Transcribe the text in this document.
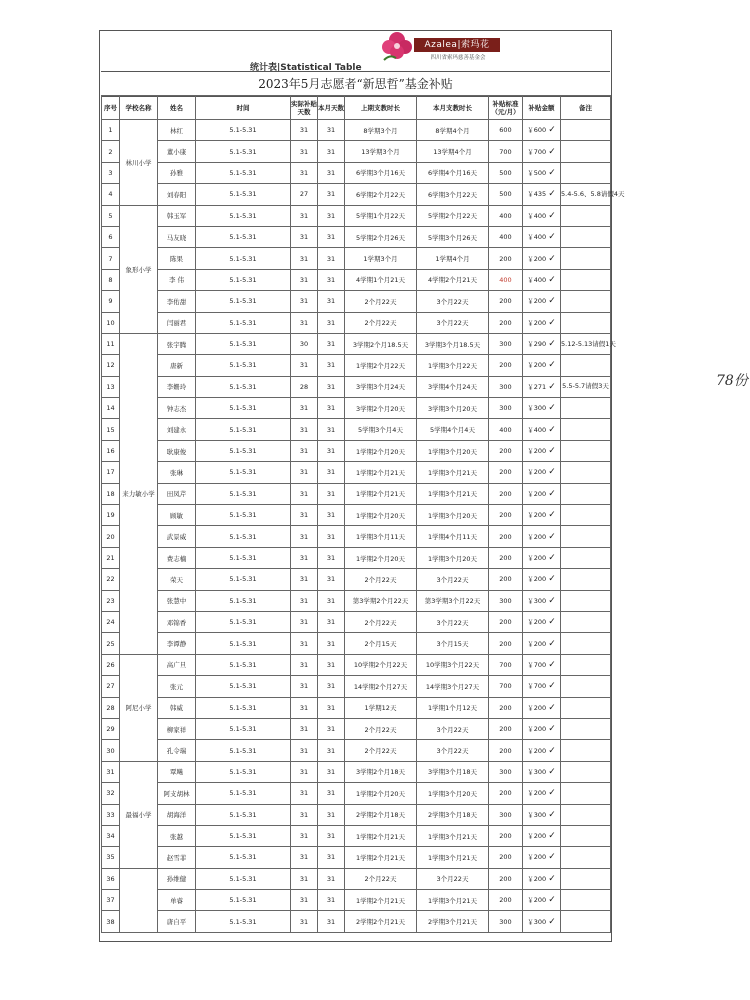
Azalea|索玛花
四川省索玛慈善基金会
统计表|Statistical Table
2023年5月志愿者“新思哲”基金补贴
序号	学校名称	姓名	时间	实际补贴天数	本月天数	上期支教时长	本月支教时长	补贴标准（元/月）	补贴金额	备注
1	林川小学	林红	5.1-5.31	31	31	8学期3个月	8学期4个月	600	￥600 ✓	
2		董小康	5.1-5.31	31	31	13学期3个月	13学期4个月	700	￥700 ✓	
3		孙雅	5.1-5.31	31	31	6学期3个月16天	6学期4个月16天	500	￥500 ✓	
4		刘春阳	5.1-5.31	27	31	6学期2个月22天	6学期3个月22天	500	￥435 ✓	5.4-5.6、5.8请假4天
5	象形小学	韩玉军	5.1-5.31	31	31	5学期1个月22天	5学期2个月22天	400	￥400 ✓	
6		马友晓	5.1-5.31	31	31	5学期2个月26天	5学期3个月26天	400	￥400 ✓	
7		陈果	5.1-5.31	31	31	1学期3个月	1学期4个月	200	￥200 ✓	
8		李 伟	5.1-5.31	31	31	4学期1个月21天	4学期2个月21天	400	￥400 ✓	
9		李佑甜	5.1-5.31	31	31	2个月22天	3个月22天	200	￥200 ✓	
10		闫丽君	5.1-5.31	31	31	2个月22天	3个月22天	200	￥200 ✓	
11	来力敏小学	张宇腾	5.1-5.31	30	31	3学期2个月18.5天	3学期3个月18.5天	300	￥290 ✓	5.12-5.13请假1天
12		唐新	5.1-5.31	31	31	1学期2个月22天	1学期3个月22天	200	￥200 ✓	
13		李姗玲	5.1-5.31	28	31	3学期3个月24天	3学期4个月24天	300	￥271 ✓	5.5-5.7请假3天
14		钟志杰	5.1-5.31	31	31	3学期2个月20天	3学期3个月20天	300	￥300 ✓	
15		刘建永	5.1-5.31	31	31	5学期3个月4天	5学期4个月4天	400	￥400 ✓	
16		耿康俊	5.1-5.31	31	31	1学期2个月20天	1学期3个月20天	200	￥200 ✓	
17		张琳	5.1-5.31	31	31	1学期2个月21天	1学期3个月21天	200	￥200 ✓	
18		田凤芹	5.1-5.31	31	31	1学期2个月21天	1学期3个月21天	200	￥200 ✓	
19		顾敏	5.1-5.31	31	31	1学期2个月20天	1学期3个月20天	200	￥200 ✓	
20		武景威	5.1-5.31	31	31	1学期3个月11天	1学期4个月11天	200	￥200 ✓	
21		费志楠	5.1-5.31	31	31	1学期2个月20天	1学期3个月20天	200	￥200 ✓	
22		荣天	5.1-5.31	31	31	2个月22天	3个月22天	200	￥200 ✓	
23		张慧中	5.1-5.31	31	31	第3学期2个月22天	第3学期3个月22天	300	￥300 ✓	
24		邓锦香	5.1-5.31	31	31	2个月22天	3个月22天	200	￥200 ✓	
25		李谭静	5.1-5.31	31	31	2个月15天	3个月15天	200	￥200 ✓	
26	阿尼小学	高广旦	5.1-5.31	31	31	10学期2个月22天	10学期3个月22天	700	￥700 ✓	
27		张元	5.1-5.31	31	31	14学期2个月27天	14学期3个月27天	700	￥700 ✓	
28		韩威	5.1-5.31	31	31	1学期12天	1学期1个月12天	200	￥200 ✓	
29		柳家祥	5.1-5.31	31	31	2个月22天	3个月22天	200	￥200 ✓	
30		孔令瑞	5.1-5.31	31	31	2个月22天	3个月22天	200	￥200 ✓	
31	最福小学	覃飚	5.1-5.31	31	31	3学期2个月18天	3学期3个月18天	300	￥300 ✓	
32		阿支胡林	5.1-5.31	31	31	1学期2个月20天	1学期3个月20天	200	￥200 ✓	
33		胡海洋	5.1-5.31	31	31	2学期2个月18天	2学期3个月18天	300	￥300 ✓	
34		张越	5.1-5.31	31	31	1学期2个月21天	1学期3个月21天	200	￥200 ✓	
35		赵雪菲	5.1-5.31	31	31	1学期2个月21天	1学期3个月21天	200	￥200 ✓	
36		孙维健	5.1-5.31	31	31	2个月22天	3个月22天	200	￥200 ✓	
37		单睿	5.1-5.31	31	31	1学期2个月21天	1学期3个月21天	200	￥200 ✓	
38		唐自平	5.1-5.31	31	31	2学期2个月21天	2学期3个月21天	300	￥300 ✓	
78份
